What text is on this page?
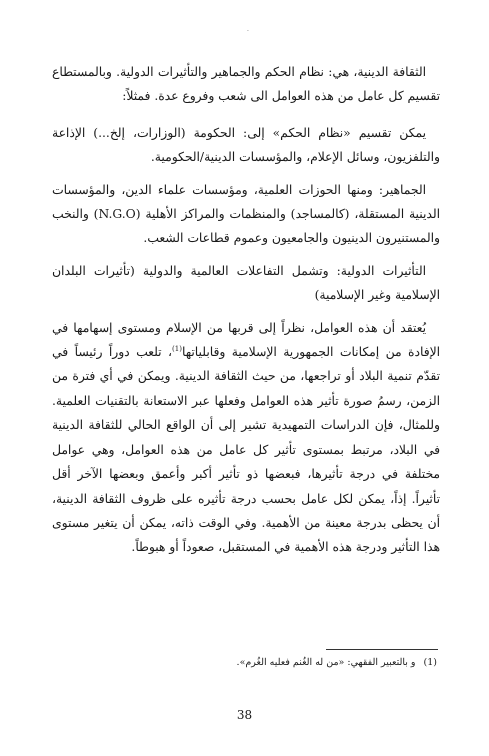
·

الثقافة الدينية، هي: نظام الحكم والجماهير والتأثيرات الدولية. وبالمستطاع تقسيم كل عامل من هذه العوامل الى شعب وفروع عدة. فمثلاً:

يمكن تقسيم «نظام الحكم» إلى: الحكومة (الوزارات، إلخ...) الإذاعة والتلفزيون، وسائل الإعلام، والمؤسسات الدينية/الحكومية.

الجماهير: ومنها الحوزات العلمية، ومؤسسات علماء الدين، والمؤسسات الدينية المستقلة، (كالمساجد) والمنظمات والمراكز الأهلية (N.G.O) والنخب والمستنيرون الدينيون والجامعيون وعموم قطاعات الشعب.

التأثيرات الدولية: وتشمل التفاعلات العالمية والدولية (تأثيرات البلدان الإسلامية وغير الإسلامية)

يُعتقد أن هذه العوامل، نظراً إلى قربها من الإسلام ومستوى إسهامها في الإفادة من إمكانات الجمهورية الإسلامية وقابلياتها$^{(1)}$، تلعب دوراً رئيساً في تقدّم تنمية البلاد أو تراجعها، من حيث الثقافة الدينية. ويمكن في أي فترة من الزمن، رسمُ صورة تأثير هذه العوامل وفعلها عبر الاستعانة بالتقنيات العلمية. وللمثال، فإن الدراسات التمهيدية تشير إلى أن الواقع الحالي للثقافة الدينية في البلاد، مرتبط بمستوى تأثير كل عامل من هذه العوامل، وهي عوامل مختلفة في درجة تأثيرها، فبعضها ذو تأثير أكبر وأعمق وبعضها الآخر أقل تأثيراً. إذاً، يمكن لكل عامل بحسب درجة تأثيره على ظروف الثقافة الدينية، أن يحظى بدرجة معينة من الأهمية. وفي الوقت ذاته، يمكن أن يتغير مستوى هذا التأثير ودرجة هذه الأهمية في المستقبل، صعوداً أو هبوطاً.

(1)و بالتعبير الفقهي: «من له الغُنم فعليه الغُرم».
38
